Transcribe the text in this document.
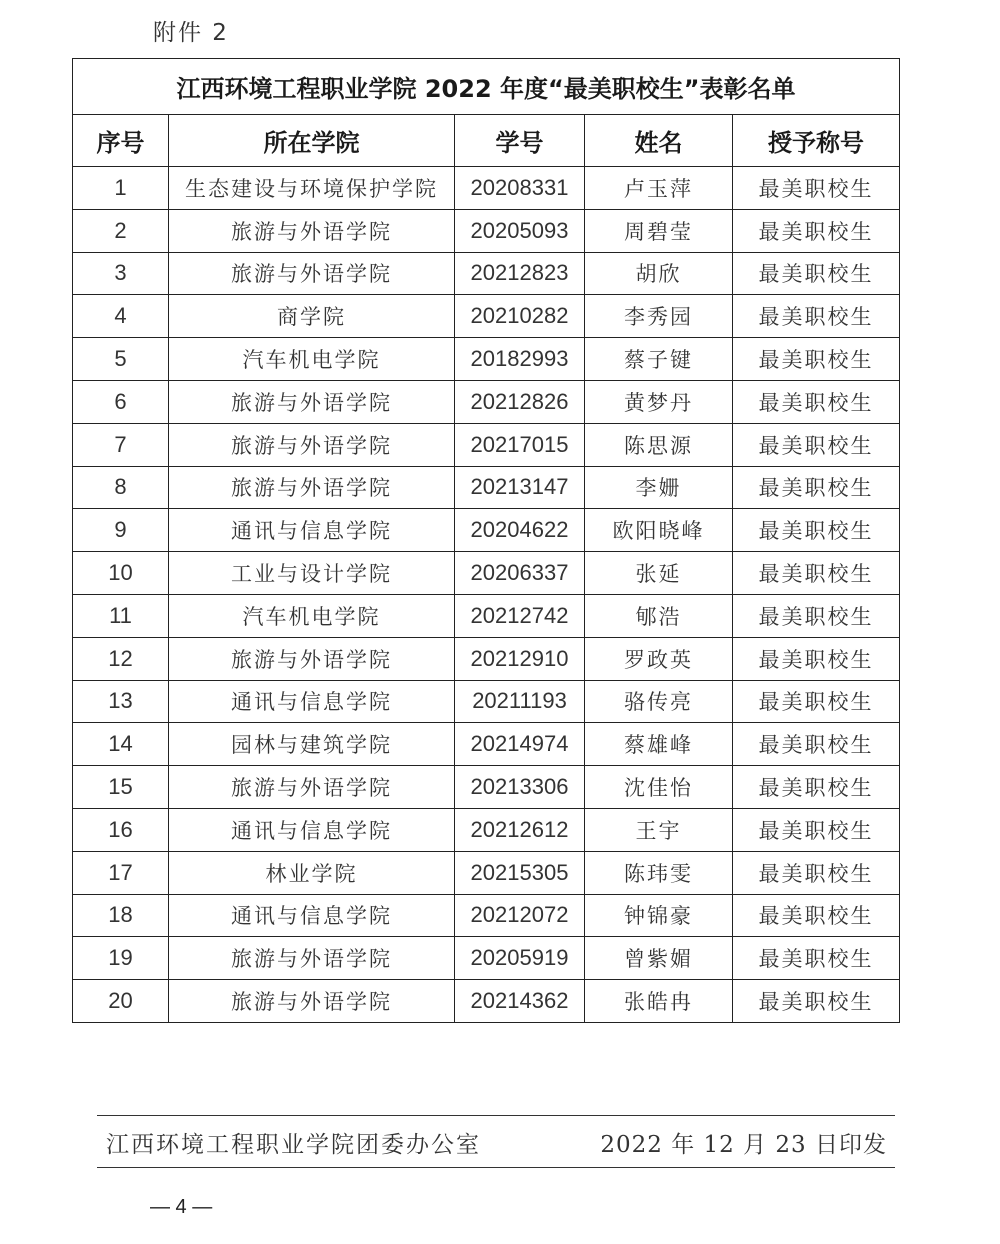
附件 2
江西环境工程职业学院 2022 年度“最美职校生”表彰名单				
序号	所在学院	学号	姓名	授予称号
1	生态建设与环境保护学院	20208331	卢玉萍	最美职校生
2	旅游与外语学院	20205093	周碧莹	最美职校生
3	旅游与外语学院	20212823	胡欣	最美职校生
4	商学院	20210282	李秀园	最美职校生
5	汽车机电学院	20182993	蔡子键	最美职校生
6	旅游与外语学院	20212826	黄梦丹	最美职校生
7	旅游与外语学院	20217015	陈思源	最美职校生
8	旅游与外语学院	20213147	李姗	最美职校生
9	通讯与信息学院	20204622	欧阳晓峰	最美职校生
10	工业与设计学院	20206337	张延	最美职校生
11	汽车机电学院	20212742	郇浩	最美职校生
12	旅游与外语学院	20212910	罗政英	最美职校生
13	通讯与信息学院	20211193	骆传亮	最美职校生
14	园林与建筑学院	20214974	蔡雄峰	最美职校生
15	旅游与外语学院	20213306	沈佳怡	最美职校生
16	通讯与信息学院	20212612	王宇	最美职校生
17	林业学院	20215305	陈玮雯	最美职校生
18	通讯与信息学院	20212072	钟锦豪	最美职校生
19	旅游与外语学院	20205919	曾紫媚	最美职校生
20	旅游与外语学院	20214362	张皓冉	最美职校生
江西环境工程职业学院团委办公室	2022 年 12 月 23 日印发
— 4 —
